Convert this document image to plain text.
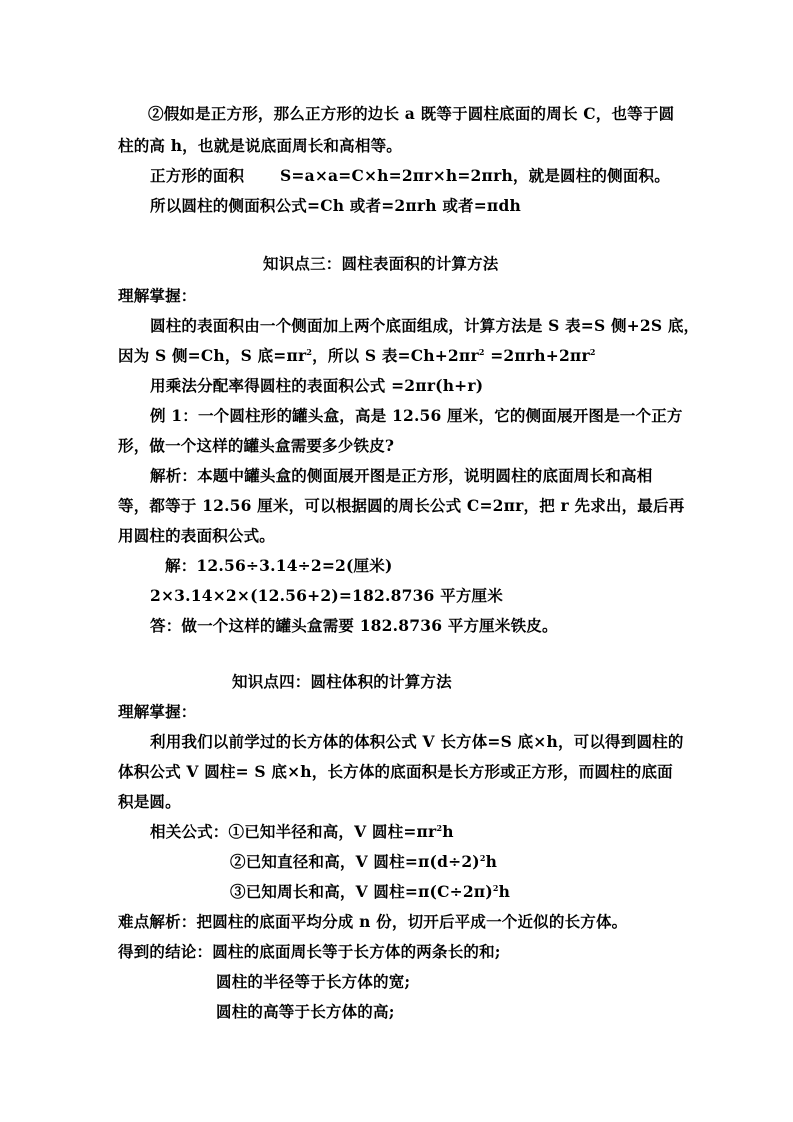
②假如是正方形，那么正方形的边长 a 既等于圆柱底面的周长 C，也等于圆
柱的高 h，也就是说底面周长和高相等。
正方形的面积 S=a×a=C×h=2πr×h=2πrh，就是圆柱的侧面积。
所以圆柱的侧面积公式=Ch 或者=2πrh 或者=πdh
知识点三：圆柱表面积的计算方法
理解掌握：
圆柱的表面积由一个侧面加上两个底面组成，计算方法是 S 表=S 侧+2S 底，
因为 S 侧=Ch，S 底$=\pi r^2$，所以 S 表$=Ch+2\pi r^2 =2\pi rh+2\pi r^2$
用乘法分配率得圆柱的表面积公式 =2πr(h+r)
例 1：一个圆柱形的罐头盒，高是 12.56 厘米，它的侧面展开图是一个正方
形，做一个这样的罐头盒需要多少铁皮?
解析：本题中罐头盒的侧面展开图是正方形，说明圆柱的底面周长和高相
等，都等于 12.56 厘米，可以根据圆的周长公式 C=2πr，把 r 先求出，最后再
用圆柱的表面积公式。
解：12.56÷3.14÷2=2(厘米)
2×3.14×2×(12.56+2)=182.8736 平方厘米
答：做一个这样的罐头盒需要 182.8736 平方厘米铁皮。
知识点四：圆柱体积的计算方法
理解掌握：
利用我们以前学过的长方体的体积公式 V 长方体=S 底×h，可以得到圆柱的
体积公式 V 圆柱= S 底×h，长方体的底面积是长方形或正方形，而圆柱的底面
积是圆。
相关公式：①已知半径和高，V 圆柱$=\pi r^2h$
②已知直径和高，V 圆柱$=\pi(d\div 2)^2h$
③已知周长和高，V 圆柱$=\pi(C\div 2\pi)^2h$
难点解析：把圆柱的底面平均分成 n 份，切开后平成一个近似的长方体。
得到的结论：圆柱的底面周长等于长方体的两条长的和;
圆柱的半径等于长方体的宽;
圆柱的高等于长方体的高;
